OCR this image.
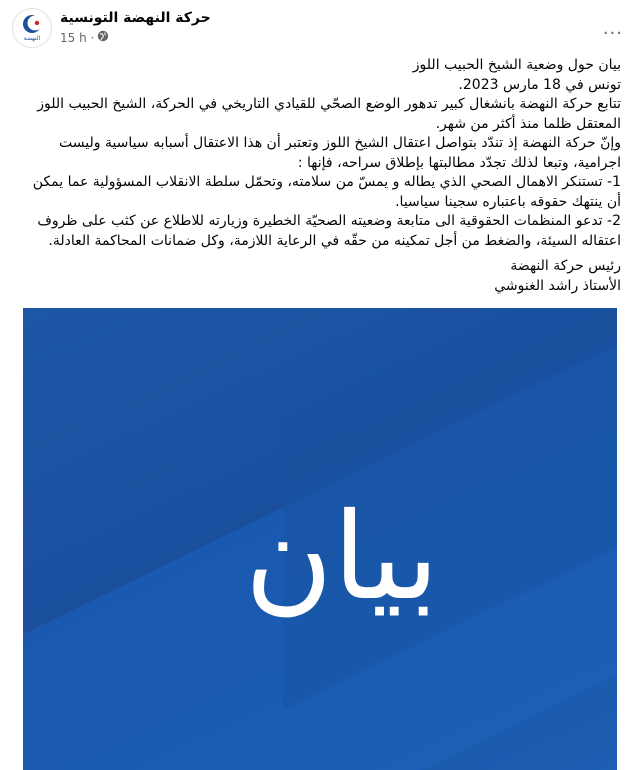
النهضة
حركة النهضة التونسية
15 h ·	...

بيان حول وضعية الشيخ الحبيب اللوز

تونس في 18 مارس 2023.

تتابع حركة النهضة بانشغال كبير تدهور الوضع الصحّي للقيادي التاريخي في الحركة، الشيخ الحبيب اللوز المعتقل ظلما منذ أكثر من شهر.

وإنّ حركة النهضة إذ تندّد بتواصل اعتقال الشيخ اللوز وتعتبر أن هذا الاعتقال أسبابه سياسية وليست اجرامية، وتبعا لذلك تجدّد مطالبتها بإطلاق سراحه، فإنها :

1- تستنكر الاهمال الصحي الذي يطاله و يمسّ من سلامته، وتحمّل سلطة الانقلاب المسؤولية عما يمكن أن ينتهك حقوقه باعتباره سجينا سياسيا.

2- تدعو المنظمات الحقوقية الى متابعة وضعيته الصحيّة الخطيرة وزيارته للاطلاع عن كثب على ظروف اعتقاله السيئة، والضغط من أجل تمكينه من حقّه في الرعاية اللازمة، وكل ضمانات المحاكمة العادلة.

رئيس حركة النهضة

الأستاذ راشد الغنوشي

بيان
